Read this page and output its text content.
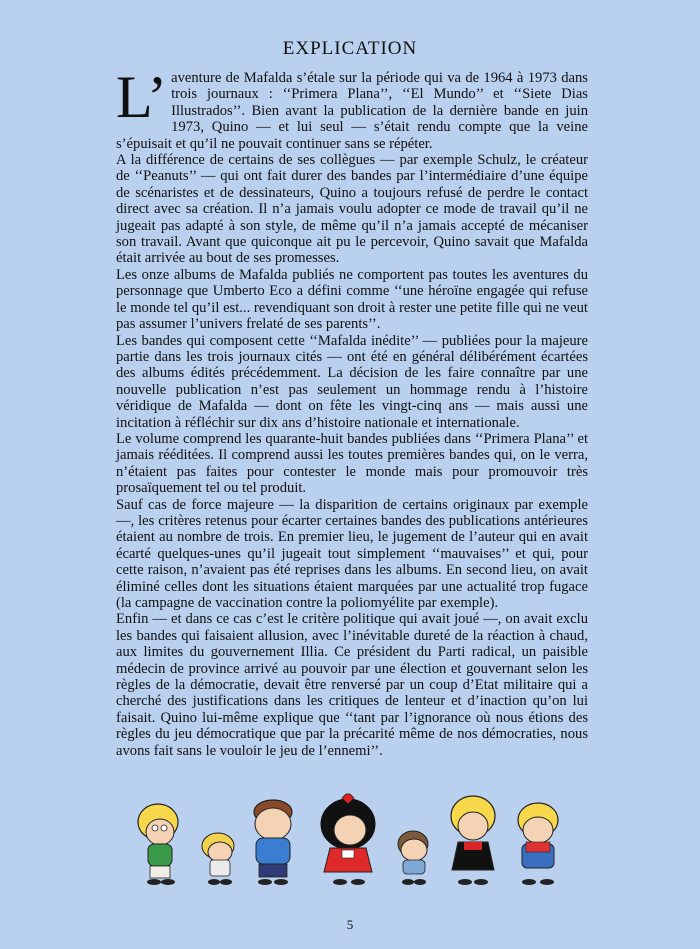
EXPLICATION

L’ aventure de Mafalda s’étale sur la période qui va de 1964 à 1973 dans trois journaux : ‘‘Primera Plana’’, ‘‘El Mundo’’ et ‘‘Siete Dias Illustrados’’. Bien avant la publication de la dernière bande en juin 1973, Quino — et lui seul — s’était rendu compte que la veine s’épuisait et qu’il ne pouvait continuer sans se répéter.

A la différence de certains de ses collègues — par exemple Schulz, le créateur de ‘‘Peanuts’’ — qui ont fait durer des bandes par l’intermédiaire d’une équipe de scénaristes et de dessinateurs, Quino a toujours refusé de perdre le contact direct avec sa création. Il n’a jamais voulu adopter ce mode de travail qu’il ne jugeait pas adapté à son style, de même qu’il n’a jamais accepté de mécaniser son travail. Avant que quiconque ait pu le percevoir, Quino savait que Mafalda était arrivée au bout de ses promesses.

Les onze albums de Mafalda publiés ne comportent pas toutes les aventures du personnage que Umberto Eco a défini comme ‘‘une héroïne engagée qui refuse le monde tel qu’il est... revendiquant son droit à rester une petite fille qui ne veut pas assumer l’univers frelaté de ses parents’’.

Les bandes qui composent cette ‘‘Mafalda inédite’’ — publiées pour la majeure partie dans les trois journaux cités — ont été en général délibérément écartées des albums édités précédemment. La décision de les faire connaître par une nouvelle publication n’est pas seulement un hommage rendu à l’histoire véridique de Mafalda — dont on fête les vingt-cinq ans — mais aussi une incitation à réfléchir sur dix ans d’histoire nationale et internationale.

Le volume comprend les quarante-huit bandes publiées dans ‘‘Primera Plana’’ et jamais rééditées. Il comprend aussi les toutes premières bandes qui, on le verra, n’étaient pas faites pour contester le monde mais pour promouvoir très prosaïquement tel ou tel produit.

Sauf cas de force majeure — la disparition de certains originaux par exemple —, les critères retenus pour écarter certaines bandes des publications antérieures étaient au nombre de trois. En premier lieu, le jugement de l’auteur qui en avait écarté quelques-unes qu’il jugeait tout simplement ‘‘mauvaises’’ et qui, pour cette raison, n’avaient pas été reprises dans les albums. En second lieu, on avait éliminé celles dont les situations étaient marquées par une actualité trop fugace (la campagne de vaccination contre la poliomyélite par exemple).

Enfin — et dans ce cas c’est le critère politique qui avait joué —, on avait exclu les bandes qui faisaient allusion, avec l’inévitable dureté de la réaction à chaud, aux limites du gouvernement Illia. Ce président du Parti radical, un paisible médecin de province arrivé au pouvoir par une élection et gouvernant selon les règles de la démocratie, devait être renversé par un coup d’Etat militaire qui a cherché des justifications dans les critiques de lenteur et d’inaction qu’on lui faisait. Quino lui-même explique que ‘‘tant par l’ignorance où nous étions des règles du jeu démocratique que par la précarité même de nos démocraties, nous avons fait sans le vouloir le jeu de l’ennemi’’.

5
